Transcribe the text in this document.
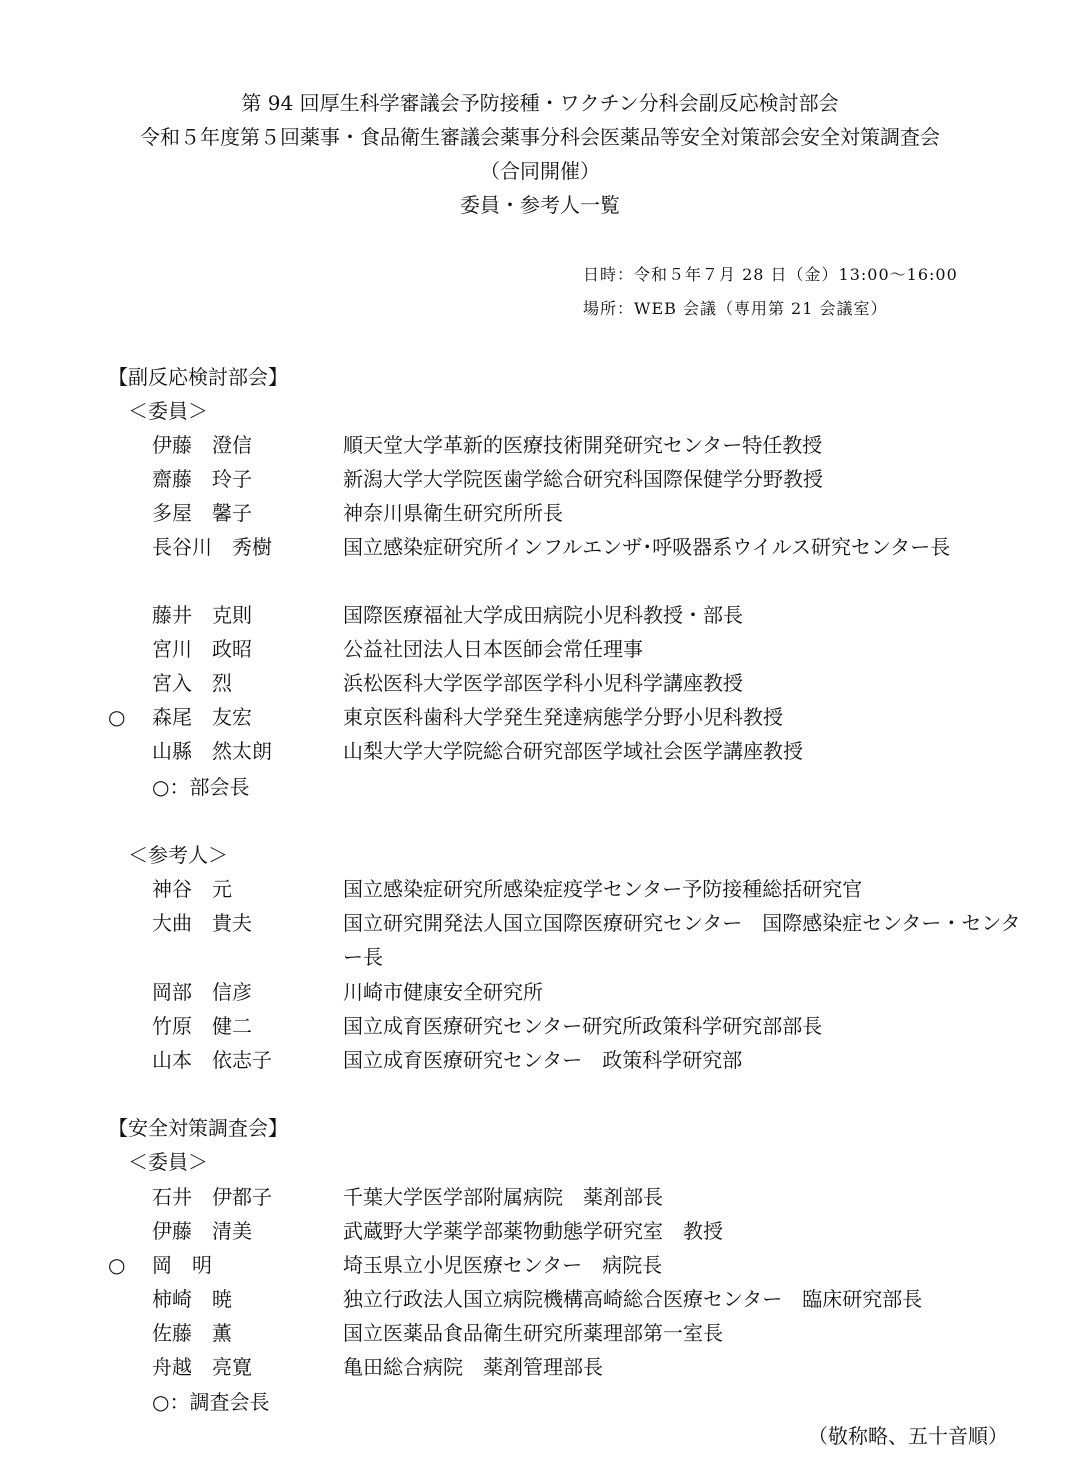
第 94 回厚生科学審議会予防接種・ワクチン分科会副反応検討部会
令和５年度第５回薬事・食品衛生審議会薬事分科会医薬品等安全対策部会安全対策調査会
（合同開催）
委員・参考人一覧
日時：令和５年７月 28 日（金）13:00～16:00
場所：WEB 会議（専用第 21 会議室）
【副反応検討部会】
＜委員＞
伊藤　澄信	順天堂大学革新的医療技術開発研究センター特任教授
齋藤　玲子	新潟大学大学院医歯学総合研究科国際保健学分野教授
多屋　馨子	神奈川県衛生研究所所長
長谷川　秀樹	国立感染症研究所インフルエンザ･呼吸器系ウイルス研究センター長
藤井　克則	国際医療福祉大学成田病院小児科教授・部長
宮川　政昭	公益社団法人日本医師会常任理事
宮入　烈	浜松医科大学医学部医学科小児科学講座教授
○	森尾　友宏	東京医科歯科大学発生発達病態学分野小児科教授
山縣　然太朗	山梨大学大学院総合研究部医学域社会医学講座教授
○：部会長
＜参考人＞
神谷　元	国立感染症研究所感染症疫学センター予防接種総括研究官
大曲　貴夫	国立研究開発法人国立国際医療研究センター　国際感染症センター・センター長
岡部　信彦	川崎市健康安全研究所
竹原　健二	国立成育医療研究センター研究所政策科学研究部部長
山本　依志子	国立成育医療研究センター　政策科学研究部
【安全対策調査会】
＜委員＞
石井　伊都子	千葉大学医学部附属病院　薬剤部長
伊藤　清美	武蔵野大学薬学部薬物動態学研究室　教授
○	岡　明	埼玉県立小児医療センター　病院長
柿崎　暁	独立行政法人国立病院機構高崎総合医療センター　臨床研究部長
佐藤　薫	国立医薬品食品衛生研究所薬理部第一室長
舟越　亮寛	亀田総合病院　薬剤管理部長
○：調査会長
（敬称略、五十音順）
